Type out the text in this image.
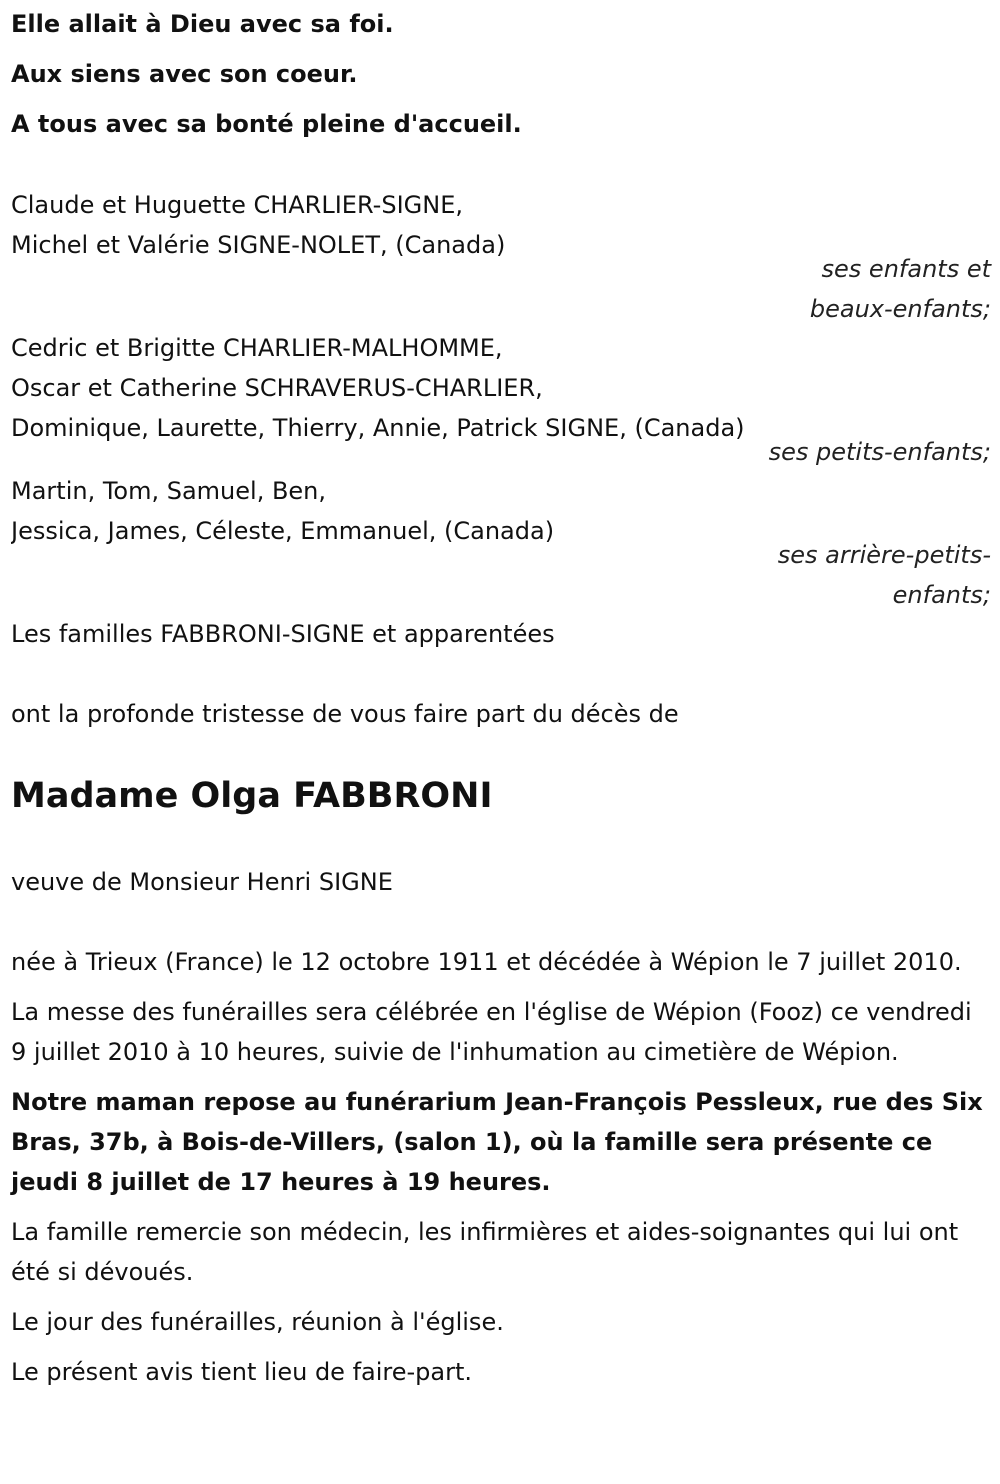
Elle allait à Dieu avec sa foi.
Aux siens avec son coeur.
A tous avec sa bonté pleine d'accueil.
Claude et Huguette CHARLIER-SIGNE,
Michel et Valérie SIGNE-NOLET, (Canada)
ses enfants et
beaux-enfants;
Cedric et Brigitte CHARLIER-MALHOMME,
Oscar et Catherine SCHRAVERUS-CHARLIER,
Dominique, Laurette, Thierry, Annie, Patrick SIGNE, (Canada)
ses petits-enfants;
Martin, Tom, Samuel, Ben,
Jessica, James, Céleste, Emmanuel, (Canada)
ses arrière-petits-
enfants;
Les familles FABBRONI-SIGNE et apparentées
ont la profonde tristesse de vous faire part du décès de
Madame Olga FABBRONI
veuve de Monsieur Henri SIGNE

née à Trieux (France) le 12 octobre 1911 et décédée à Wépion le 7 juillet 2010.

La messe des funérailles sera célébrée en l'église de Wépion (Fooz) ce vendredi 9 juillet 2010 à 10 heures, suivie de l'inhumation au cimetière de Wépion.

Notre maman repose au funérarium Jean-François Pessleux, rue des Six Bras, 37b, à Bois-de-Villers, (salon 1), où la famille sera présente ce jeudi 8 juillet de 17 heures à 19 heures.

La famille remercie son médecin, les infirmières et aides-soignantes qui lui ont été si dévoués.

Le jour des funérailles, réunion à l'église.

Le présent avis tient lieu de faire-part.
